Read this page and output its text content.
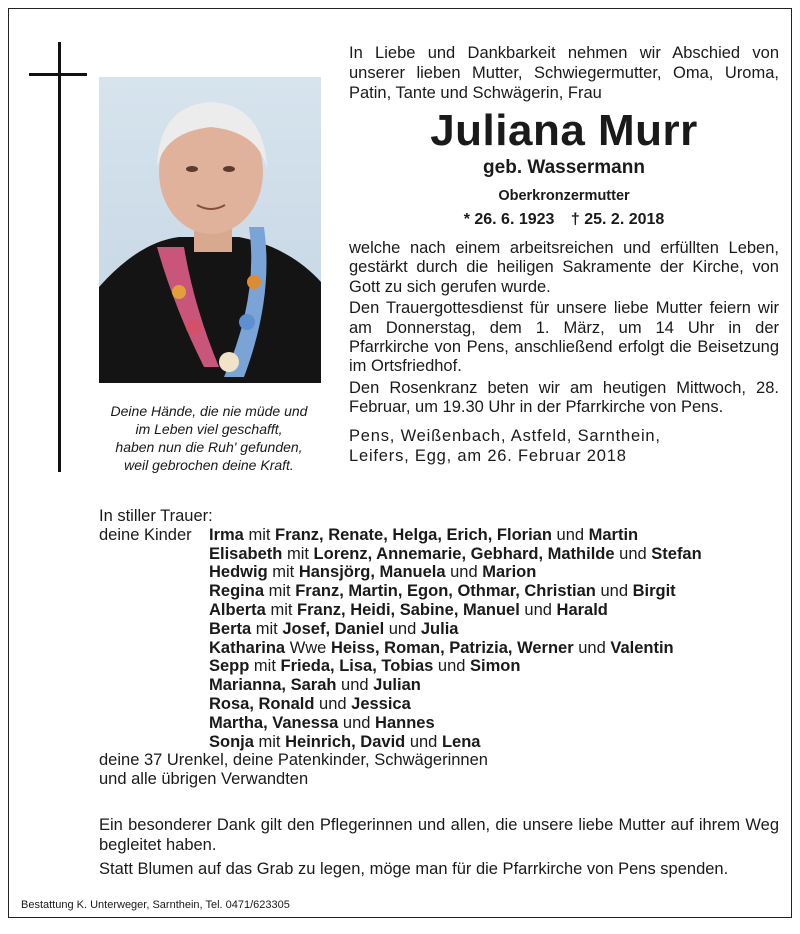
Deine Hände, die nie müde und
im Leben viel geschafft,
haben nun die Ruh' gefunden,
weil gebrochen deine Kraft.
In Liebe und Dankbarkeit nehmen wir Abschied von unserer lieben Mutter, Schwiegermutter, Oma, Uroma, Patin, Tante und Schwägerin, Frau
Juliana Murr
geb. Wassermann
Oberkronzermutter
* 26. 6. 1923 † 25. 2. 2018

welche nach einem arbeitsreichen und erfüllten Leben, gestärkt durch die heiligen Sakramente der Kirche, von Gott zu sich gerufen wurde.

Den Trauergottesdienst für unsere liebe Mutter feiern wir am Donnerstag, dem 1. März, um 14 Uhr in der Pfarrkirche von Pens, anschließend erfolgt die Beisetzung im Ortsfriedhof.

Den Rosenkranz beten wir am heutigen Mittwoch, 28. Februar, um 19.30 Uhr in der Pfarrkirche von Pens.

Pens, Weißenbach, Astfeld, Sarnthein,
Leifers, Egg, am 26. Februar 2018
In stiller Trauer:
deine Kinder	Irma mit Franz, Renate, Helga, Erich, Florian und Martin
Elisabeth mit Lorenz, Annemarie, Gebhard, Mathilde und Stefan
Hedwig mit Hansjörg, Manuela und Marion
Regina mit Franz, Martin, Egon, Othmar, Christian und Birgit
Alberta mit Franz, Heidi, Sabine, Manuel und Harald
Berta mit Josef, Daniel und Julia
Katharina Wwe Heiss, Roman, Patrizia, Werner und Valentin
Sepp mit Frieda, Lisa, Tobias und Simon
Marianna, Sarah und Julian
Rosa, Ronald und Jessica
Martha, Vanessa und Hannes
Sonja mit Heinrich, David und Lena
deine 37 Urenkel, deine Patenkinder, Schwägerinnen
und alle übrigen Verwandten

Ein besonderer Dank gilt den Pflegerinnen und allen, die unsere liebe Mutter auf ihrem Weg begleitet haben.

Statt Blumen auf das Grab zu legen, möge man für die Pfarrkirche von Pens spenden.

Bestattung K. Unterweger, Sarnthein, Tel. 0471/623305
